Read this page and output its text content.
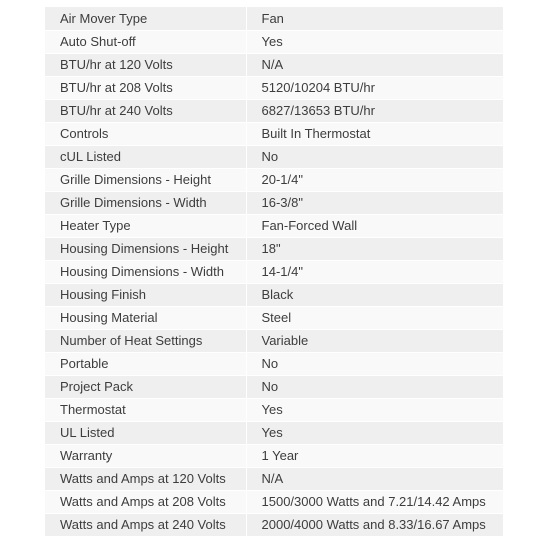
Air Mover Type	Fan
Auto Shut-off	Yes
BTU/hr at 120 Volts	N/A
BTU/hr at 208 Volts	5120/10204 BTU/hr
BTU/hr at 240 Volts	6827/13653 BTU/hr
Controls	Built In Thermostat
cUL Listed	No
Grille Dimensions - Height	20-1/4"
Grille Dimensions - Width	16-3/8"
Heater Type	Fan-Forced Wall
Housing Dimensions - Height	18"
Housing Dimensions - Width	14-1/4"
Housing Finish	Black
Housing Material	Steel
Number of Heat Settings	Variable
Portable	No
Project Pack	No
Thermostat	Yes
UL Listed	Yes
Warranty	1 Year
Watts and Amps at 120 Volts	N/A
Watts and Amps at 208 Volts	1500/3000 Watts and 7.21/14.42 Amps
Watts and Amps at 240 Volts	2000/4000 Watts and 8.33/16.67 Amps
